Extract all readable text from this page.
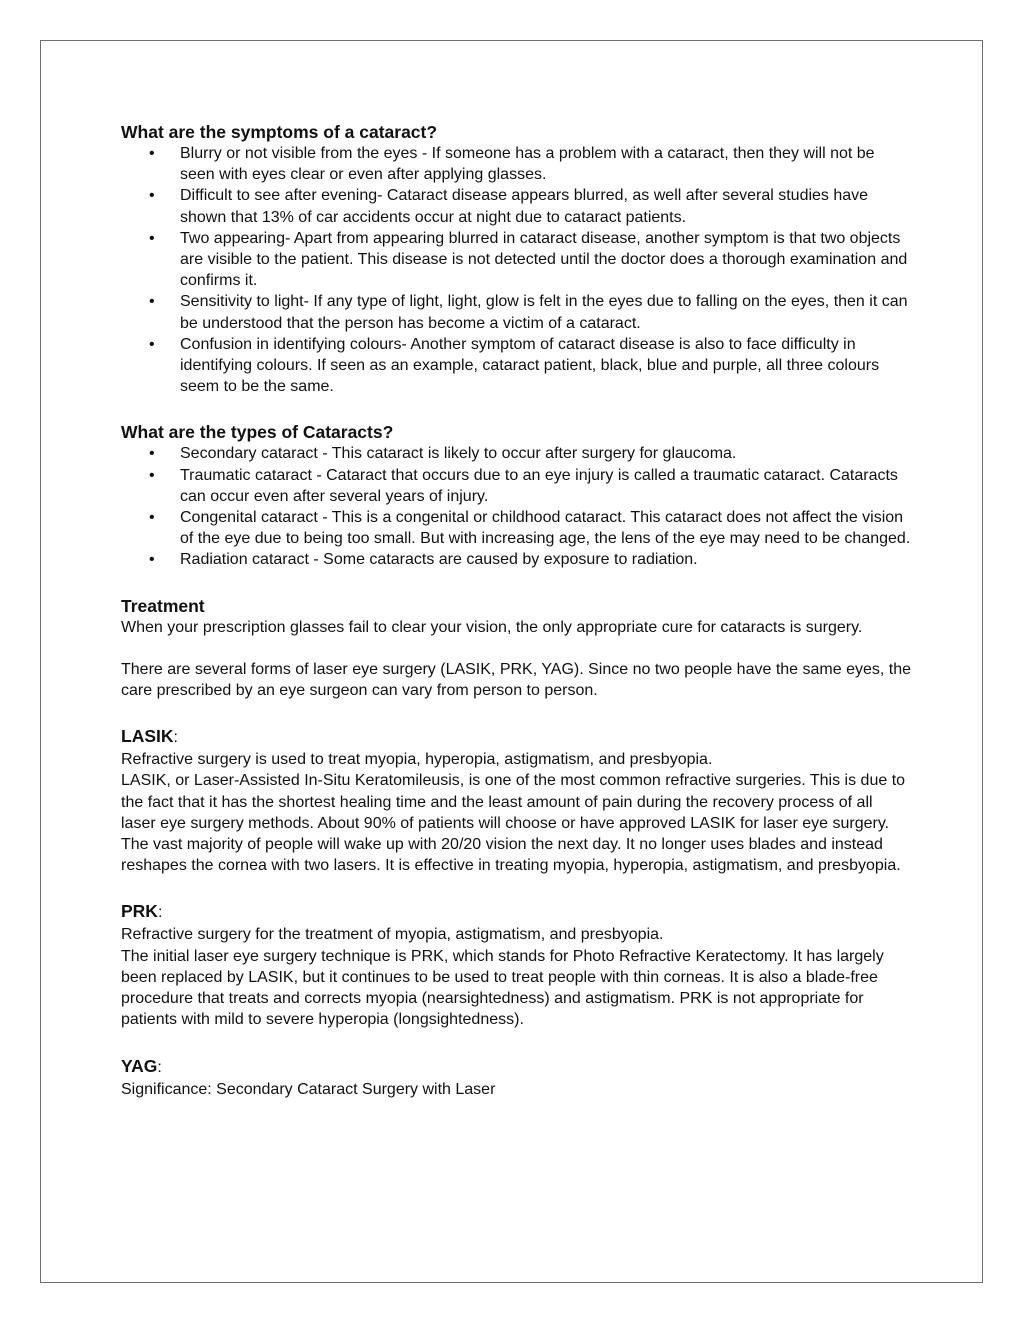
What are the symptoms of a cataract?
• Blurry or not visible from the eyes - If someone has a problem with a cataract, then they will not be seen with eyes clear or even after applying glasses.
• Difficult to see after evening- Cataract disease appears blurred, as well after several studies have shown that 13% of car accidents occur at night due to cataract patients.
• Two appearing- Apart from appearing blurred in cataract disease, another symptom is that two objects are visible to the patient. This disease is not detected until the doctor does a thorough examination and confirms it.
• Sensitivity to light- If any type of light, light, glow is felt in the eyes due to falling on the eyes, then it can be understood that the person has become a victim of a cataract.
• Confusion in identifying colours- Another symptom of cataract disease is also to face difficulty in identifying colours. If seen as an example, cataract patient, black, blue and purple, all three colours seem to be the same.
What are the types of Cataracts?
• Secondary cataract - This cataract is likely to occur after surgery for glaucoma.
• Traumatic cataract - Cataract that occurs due to an eye injury is called a traumatic cataract. Cataracts can occur even after several years of injury.
• Congenital cataract - This is a congenital or childhood cataract. This cataract does not affect the vision of the eye due to being too small. But with increasing age, the lens of the eye may need to be changed.
• Radiation cataract - Some cataracts are caused by exposure to radiation.
Treatment

When your prescription glasses fail to clear your vision, the only appropriate cure for cataracts is surgery.

There are several forms of laser eye surgery (LASIK, PRK, YAG). Since no two people have the same eyes, the care prescribed by an eye surgeon can vary from person to person.

LASIK:

Refractive surgery is used to treat myopia, hyperopia, astigmatism, and presbyopia.

LASIK, or Laser-Assisted In-Situ Keratomileusis, is one of the most common refractive surgeries. This is due to the fact that it has the shortest healing time and the least amount of pain during the recovery process of all laser eye surgery methods. About 90% of patients will choose or have approved LASIK for laser eye surgery. The vast majority of people will wake up with 20/20 vision the next day. It no longer uses blades and instead reshapes the cornea with two lasers. It is effective in treating myopia, hyperopia, astigmatism, and presbyopia.

PRK:

Refractive surgery for the treatment of myopia, astigmatism, and presbyopia.

The initial laser eye surgery technique is PRK, which stands for Photo Refractive Keratectomy. It has largely been replaced by LASIK, but it continues to be used to treat people with thin corneas. It is also a blade-free procedure that treats and corrects myopia (nearsightedness) and astigmatism. PRK is not appropriate for patients with mild to severe hyperopia (longsightedness).

YAG:

Significance: Secondary Cataract Surgery with Laser
